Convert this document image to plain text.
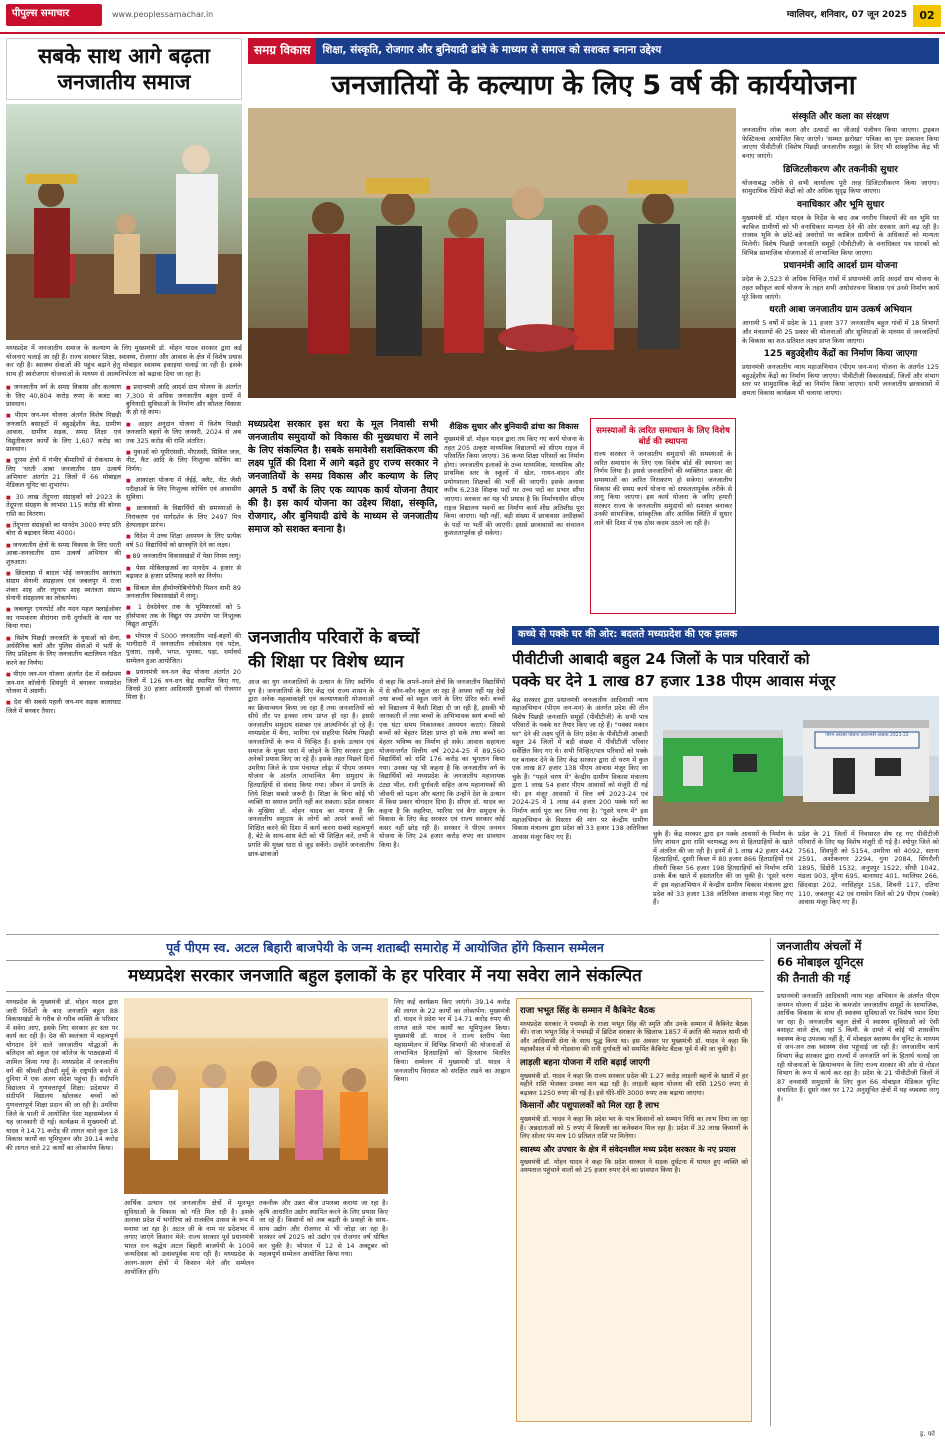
पीपुल्स समाचार	www.peoplessamachar.in	ग्वालियर, शनिवार, 07 जून 2025	02
सबके साथ आगे बढ़ता
जनजातीय समाज
मध्यप्रदेश में जनजातीय समाज के कल्याण के लिए मुख्यमंत्री डॉ. मोहन यादव सरकार द्वारा कई योजनाएं चलाई जा रही हैं। राज्य सरकार शिक्षा, स्वास्थ्य, रोजगार और आवास के क्षेत्र में विशेष प्रयास कर रही है। स्वास्थ्य सेवाओं की पहुंच बढ़ाने हेतु मोबाइल स्वास्थ्य इकाइयां चलाई जा रही हैं। इसके साथ ही स्वरोजगार योजनाओं के माध्यम से आत्मनिर्भरता को बढ़ावा दिया जा रहा है।
■ जनजातीय वर्ग के समग्र विकास और कल्याण के लिए 40,804 करोड़ रुपए के बजट का प्रावधान।
■ पीएम जन-मन योजना अंतर्गत विशेष पिछड़ी जनजाति बसाहटों में बहुउद्देशीय केंद्र, ग्रामीण आवास, ग्रामीण सड़क, समग्र शिक्षा एवं विद्युतीकरण कार्यों के लिए 1,607 करोड़ का प्रावधान।
■ दूरस्थ क्षेत्रों में गंभीर बीमारियों से रोकथाम के लिए 'धरती आबा जनजातीय ग्राम उत्कर्ष अभियान' अंतर्गत 21 जिलों में 66 मोबाइल मेडिकल यूनिट का शुभारंभ।
■ 30 लाख तेंदूपत्ता संग्राहकों को 2023 के तेंदूपत्ता संग्रहण के लाभांश 115 करोड़ की बोनस राशि का वितरण।
■ तेंदूपत्ता संग्राहकों का मानदेय 3000 रुपए प्रति बोरा से बढ़ाकर किया 4000।
■ जनजातीय क्षेत्रों के समग्र विकास के लिए धरती आबा-जनजातीय ग्राम उत्कर्ष अभियान की शुरुआत।
■ छिंदवाड़ा में बादल भोई जनजातीय स्वतंत्रता संग्राम सेनानी संग्रहालय एवं जबलपुर में राजा शंकर शाह और रघुनाथ शाह स्वतंत्रता संग्राम सेनानी संग्रहालय का लोकार्पण।
■ जबलपुर एयरपोर्ट और मदन महल फ्लाईओवर का नामकरण वीरांगना रानी दुर्गावती के नाम पर किया गया।
■ विशेष पिछड़ी जनजाति के युवाओं को सेना, अर्धसैनिक बलों और पुलिस सेवाओं में भर्ती के लिए प्रशिक्षण के लिए जनजातीय बटालियन गठित करने का निर्णय।
■ पीएम जन-मन योजना अंतर्गत देश में सर्वप्रथम जन-मन कॉलोनी शिवपुरी में बनाकर मध्यप्रदेश योजना में अग्रणी।
■ देश की सबसे पहली जन-मन सड़क बालाघाट जिले में बनकर तैयार।
■ प्रधानमंत्री आदि आदर्श ग्राम योजना के अंतर्गत 7,300 से अधिक जनजातीय बहुल ग्रामों में बुनियादी सुविधाओं के निर्माण और कौशल विकास के हो रहे काम।
■ आहार अनुदान योजना में विशेष पिछड़ी जनजाति बहनों के लिए जनवरी, 2024 से अब तक 325 करोड़ की राशि अंतरित।
■ युवाओं को यूपीएससी, पीएससी, सिविल जज, नीट, कैट आदि के लिए निःशुल्क कोचिंग का निर्णय।
■ आकांक्षा योजना में जेईई, क्लैट, नीट जैसी परीक्षाओं के लिए निःशुल्क कोचिंग एवं आवासीय सुविधा।
■ छात्रावासों के विद्यार्थियों की समस्याओं के निराकरण एवं मार्गदर्शन के लिए 2497 मित्र हेल्पलाइन प्रारंभ।
■ विदेश में उच्च शिक्षा अध्ययन के लिए प्रत्येक वर्ष 50 विद्यार्थियों को छात्रवृत्ति देने का लक्ष्य।
■ 89 जनजातीय विकासखंडों में पेसा नियम लागू।
■ पेसा मोबिलाइजर्स का मानदेय 4 हजार से बढ़ाकर 8 हजार प्रतिमाह करने का निर्णय।
■ सिकल सेल हीमोग्लोबिनोपैथी मिशन सभी 89 जनजातीय विकासखंडों में लागू।
■ 1 देवदेवेचर तक के भूमिकारकों को 5 हॉर्सपावर तक के विद्युत पंप उपयोग पर निःशुल्क विद्युत आपूर्ति।
■ भोपाल में 5000 जनजातीय भाई-बहनों की भागीदारी में जनजातीय लोकोत्सव एवं पटेल, पुजारा, तड़वी, भगत, भूमका, पड़ा, धर्मावर्थ सम्मेलन हुआ आयोजित।
■ प्रधानमंत्री वन-धन केंद्र योजना अंतर्गत 20 जिलों में 126 वन-धन केंद्र स्थापित किए गए, जिनसे 30 हजार आदिवासी युवाओं को रोजगार मिला है।
समग्र विकास	शिक्षा, संस्कृति, रोजगार और बुनियादी ढांचे के माध्यम से समाज को सशक्त बनाना उद्देश्य
जनजातियों के कल्याण के लिए 5 वर्ष की कार्ययोजना
संस्कृति और कला का संरक्षण
जनजातीय लोक कला और उत्पादों का जीआई पंजीयन किया जाएगा। ट्राइबल फेस्टिवल्स आयोजित किए जाएंगे। 'सम्मत झरोखा' पत्रिका का पुनः प्रकाशन किया जाएगा पीवीटीजी (विशेष पिछड़ी जनजातीय समूह) के लिए भी सांस्कृतिक केंद्र भी बनाए जाएंगे।
डिजिटलीकरण और तकनीकी सुधार
योजनाबद्ध तरीके से सभी कार्यालय पूरी तरह डिजिटलीकरण किया जाएगा। सामुदायिक रेडियो केंद्रों को और अधिक सुदृढ़ किया जाएगा।
वनाधिकार और भूमि सुधार
मुख्यमंत्री डॉ. मोहन यादव के निर्देश के बाद अब नगरीय निकायों की वन भूमि पर काबिज ग्रामीणों को भी वनाधिकार मान्यता देने की ओर सरकार आगे बढ़ रही है। राजस्व भूमि के छोटे-बड़े अवरोधों पर काबिज ग्रामीणों के अधिकारों को मान्यता मिलेगी। विशेष पिछड़ी जनजाति समूहों (पीवीटीजी) के वनाधिकार पत्र धारकों को विभिन्न सामाजिक योजनाओं से लाभान्वित किया जाएगा।
प्रधानमंत्री आदि आदर्श ग्राम योजना
प्रदेश के 2,523 से अधिक चिन्हित गांवों में प्रधानमंत्री आदि आदर्श ग्राम योजना के तहत स्वीकृत कार्य योजना के तहत सभी अधोसंरचना विकास एवं उनसे निर्माण कार्य पूरे किया जाएंगे।
धरती आबा जनजातीय ग्राम उत्कर्ष अभियान
आगामी 5 वर्षों में प्रदेश के 11 हजार 377 जनजातीय बहुल गांवों में 18 विभागों और मंत्रालयों की 25 प्रकार की योजनाओं और सुविधाओं के माध्यम से जनजातियों के विकास का शत-प्रतिशत लक्ष्य प्राप्त किया जाएगा।
125 बहुउद्देशीय केंद्रों का निर्माण किया जाएगा
प्रधानमंत्री जनजातीय न्याय महाअभियान (पीएम जन-मन) योजना के अंतर्गत 125 बहुउद्देशीय केंद्रों का निर्माण किया जाएगा। पीवीटीजी विकासखंडों, जिलों और संभाग स्तर पर सामुदायिक केंद्रों का निर्माण किया जाएगा। सभी जनजातीय छात्रावासों में क्षमता विकास कार्यक्रम भी चलाया जाएगा।
मध्यप्रदेश सरकार इस धरा के मूल निवासी सभी जनजातीय समुदायों को विकास की मुख्यधारा में लाने के लिए संकल्पित है। सबके समावेशी सशक्तिकरण की लक्ष्य पूर्ति की दिशा में आगे बढ़ते हुए राज्य सरकार ने जनजातियों के समग्र विकास और कल्याण के लिए अगले 5 वर्षों के लिए एक व्यापक कार्य योजना तैयार की है। इस कार्य योजना का उद्देश्य शिक्षा, संस्कृति, रोजगार, और बुनियादी ढांचे के माध्यम से जनजातीय समाज को सशक्त बनाना है।
शैक्षिक सुधार और बुनियादी ढांचा का विकास
मुख्यमंत्री डॉ. मोहन यादव द्वारा तय किए गए कार्य योजना के तहत 205 उत्कृष्ट माध्यमिक विद्यालयों को सीएम राइज में परिवर्तित किया जाएगा। 36 कन्या शिक्षा परिसरों का निर्माण होगा। जनजातीय इलाकों के उच्च माध्यमिक, माध्यमिक और प्राथमिक स्तर के स्कूलों में खेल, गायन-वादन और प्रयोगशाला शिक्षकों की भर्ती की जाएगी। इसके अलावा करीब 6,238 शिक्षक पदों पर उच्च पदों का प्रभार सौंपा जाएगा। सरकार का यह भी प्रयास है कि निर्माणाधीन सीएम राइज विद्यालय भवनों का निर्माण कार्य शीघ्र अतिशीघ्र पूरा किया जाएगा। यही नहीं, बड़ी संख्या में छात्रावास अधीक्षकों के पदों पर भर्ती की जाएगी। इससे छात्रावासों का संचालन कुशलतापूर्वक हो सकेगा।
समस्याओं के त्वरित समाधान के लिए विशेष बोर्ड की स्थापना
राज्य सरकार ने जनजातीय समुदायों की समस्याओं के त्वरित समाधान के लिए एक विशेष बोर्ड की स्थापना का निर्णय लिया है। इससे जनजातियों की व्यक्तिगत प्रकार की समस्याओं का त्वरित निराकरण हो सकेगा। जनजातीय विकास की समग्र कार्य योजना को सफलतापूर्वक तरीके से लागू किया जाएगा। इस कार्य योजना के जरिए हमारी सरकार राज्य के जनजातीय समुदायों को सशक्त बनाकर उनकी सामाजिक, सांस्कृतिक और आर्थिक स्थिति में सुधार लाने की दिशा में एक ठोस कदम उठाने जा रही है।
जनजातीय परिवारों के बच्चों
की शिक्षा पर विशेष ध्यान
आज का युग जनजातियों के उत्थान के लिए स्वर्णिम युग है। जनजातियों के लिए केंद्र एवं राज्य शासन के द्वारा अनेक महत्वाकांक्षी एवं कल्याणकारी योजनाओं का क्रियान्वयन किया जा रहा है तथा जनजातियों को सीधे तौर पर इनका लाभ प्राप्त हो रहा है। इससे जनजातीय समुदाय सशक्त एवं आत्मनिर्भर हो रहे हैं। मध्यप्रदेश में बैगा, भारिया एवं सहरिया विशेष पिछड़ी जनजातियों के रूप में चिन्हित हैं। इनके उत्थान एवं समाज के मुख्य धारा में जोड़ने के लिए सरकार द्वारा अनेकों प्रयास किए जा रहे हैं। इसके तहत पिछले दिनों उमरिया जिले के ग्राम पंचायत लोढ़ा में पीएम जनमन योजना के अंतर्गत लाभान्वित बैगा समुदाय के हितग्राहियों से संवाद किया गया। जीवन में प्रगति के लिये शिक्षा सबसे जरूरी है। शिक्षा के बिना कोई भी व्यक्ति या समाज प्रगति नहीं कर सकता। प्रदेश सरकार के मुखिया डॉ. मोहन यादव का मानना है कि जनजातीय समुदाय के लोगों को अपने बच्चों को शिक्षित करने की दिशा में कार्य करना सबसे महत्वपूर्ण है, बेटे के साथ-साथ बेटी को भी शिक्षित करें, तभी वे प्रगति की मुख्य धारा से जुड़ सकेंगे। उन्होंने जनजातीय छात्र-छात्राओं
से कहा कि अपने-अपने क्षेत्रों कि जनजातीय विद्यार्थियों में से कौन-कौन स्कूल जा रहा है अथवा नहीं यह देखें तथा बच्चों को स्कूल जाने के लिए प्रेरित करें। बच्चों को विद्यालय में कैसी शिक्षा दी जा रही है, इसकी भी जानकारी लें तथा बच्चों के अभिभावक स्वयं बच्चों को एक घंटा समय निकालकर अध्ययन कराएं। जिससे बच्चों को बेहतर शिक्षा प्राप्त हो सके तथा बच्चों का बेहतर भविष्य का निर्माण हो सके। आवास सहायता योजनान्तर्गत वित्तीय वर्ष 2024-25 में 89,560 विद्यार्थियों को राशि 176 करोड़ का भुगतान किया गया। उनका यह भी कहना है कि जनजातीय वर्ग के विद्यार्थियों को मध्यप्रदेश के जनजातीय महानायक टंट्या भील, रानी दुर्गावती सहित अन्य महानायकों की जीवनी को पढ़ना और बताएं कि उन्होंने देश के उत्थान में किस प्रकार योगदान दिया है। सीएम डॉ. यादव का कहना है कि सहरिया, भारिया एवं बैगा समुदाय के विकास के लिए केंद्र सरकार एवं राज्य सरकार कोई कसर नहीं छोड़ रही है। सरकार ने पीएम जनमन योजना के लिए 24 हजार करोड़ रुपए का प्रावधान किया है।
कच्चे से पक्के घर की ओर: बदलते मध्यप्रदेश की एक झलक
पीवीटीजी आबादी बहुल 24 जिलों के पात्र परिवारों को
पक्के घर देने 1 लाख 87 हजार 138 पीएम आवास मंजूर
केंद्र सरकार द्वारा प्रधानमंत्री जनजातीय आदिवासी न्याय महाअभियान (पीएम जन-मन) के अंतर्गत प्रदेश की तीन विशेष पिछड़ी जनजाति समूहों (पीवीटीजी) के सभी पात्र परिवारों के पक्के घर तैयार किए जा रहे हैं। "पक्का मकान घर" देने की लक्ष्य पूर्ति के लिए प्रदेश के पीवीटीजी आबादी बहुल 24 जिलों में बड़ी संख्या में पीवीटीजी परिवार सर्वेक्षित किए गए थे। सभी चिन्हित/पात्र परिवारों को पक्के घर बनाकर देने के लिए केंद्र सरकार द्वारा दो चरण में कुल एक लाख 87 हजार 138 पीएम आवास मंजूर किए जा चुके हैं। "पहले चरण में" केन्द्रीय ग्रामीण विकास मंत्रालय द्वारा 1 लाख 54 हजार पीएम आवासों को मंजूरी दी गई थी। इन मंजूर आवासों में वित्त वर्ष 2023-24 एवं 2024-25 में 1 लाख 44 हजार 200 पक्के घरों का निर्माण कार्य पूरा कर लिया गया है। "दूसरे चरण में" इस महाअभियान के विस्तार की मांग पर केन्द्रीय ग्रामीण विकास मंत्रालय द्वारा प्रदेश को 33 हजार 138 अतिरिक्त आवास मंजूर किए गए हैं।
पीएम आवास योजना प्रधानमंत्री आवास 2021-22
चुके हैं। केंद्र सरकार द्वारा इन पक्के आवासों के निर्माण के लिए शासन द्वारा राशि चरणबद्ध रूप से हितग्राहियों के खाते में अंतरित की जा रही है। इनमें से 1 लाख 42 हजार 442 हितग्राहियों, दूसरी किस्त में 80 हजार 866 हितग्राहियों एवं तीसरी किस्त 56 हजार 198 हितग्राहियों को निर्माण राशि उनके बैंक खाते में हस्तांतरित की जा चुकी है। 'दूसरे चरण में' इस महाअभियान में केन्द्रीय ग्रामीण विकास मंत्रालय द्वारा प्रदेश को 33 हजार 138 अतिरिक्त आवास मंजूर किए गए हैं।
प्रदेश के 21 जिलों में निवासरत शेष रह गए पीवीटीजी परिवारों के लिए यह विशेष मंजूरी दी गई है। श्योपुर जिले को 7561, शिवपुरी को 5154, उमरिया को 4092, सतना 2591, अशोकनगर 2294, गुना 2084, सिंगरौली 1895, डिंडोरी 1532, अनूपपुर 1522, सीधी 1042, मंडला 903, मुरैना 695, बालाघाट 401, ग्वालियर 266, छिंदवाड़ा 202, नरसिंहपुर 158, शिवनी 117, दतिया 110, जबलपुर 42 एवं रायसेन जिले को 29 पीएम (पक्के) आवास मंजूर किए गए हैं।
पूर्व पीएम स्व. अटल बिहारी बाजपेयी के जन्म शताब्दी समारोह में आयोजित होंगे किसान सम्मेलन
मध्यप्रदेश सरकार जनजाति बहुल इलाकों के हर परिवार में नया सवेरा लाने संकल्पित
मध्यप्रदेश के मुख्यमंत्री डॉ. मोहन यादव द्वारा जारी निर्देशों के बाद जनजाति बहुल 88 विकासखंडों के गरीब से गरीब व्यक्ति के परिवार में सवेरा आए, इसके लिए सरकार हर स्तर पर कार्य कर रही है। देश की स्वतंत्रता में महत्वपूर्ण योगदान देने वाले जनजातीय योद्धाओं के बलिदान को स्कूल एवं कॉलेज के पाठ्यक्रमों में शामिल किया गया है। मध्यप्रदेश में जनजातीय वर्ग की श्रीमती द्रौपदी मुर्मू के राष्ट्रपति बनने से दुनिया में एक अलग संदेश पहुंचा है। संदीपनि विद्यालय में गुणवत्तापूर्ण शिक्षा: प्रदेशभर में संदीपनि विद्यालय खोलकर बच्चों को गुणवत्तापूर्ण शिक्षा प्रदान की जा रही है। उमरिया जिले के पाली में आयोजित पेसा महासम्मेलन में यह जानकारी दी गई। कार्यक्रम में मुख्यमंत्री डॉ. यादव ने 14.71 करोड़ की लागत वाले कुल 18 विकास कार्यों का भूमिपूजन और 39.14 करोड़ की लागत वाले 22 कार्यों का लोकार्पण किया।
आर्थिक उत्थान एवं जनजातीय क्षेत्रों में मूलभूत सुविधाओं के विकास को गति मिल रही है। इसके अलावा प्रदेश में भगोरिया को राजकीय उत्सव के रूप में मनाया जा रहा है। अटल जी के नाम पर प्रदेशभर में लगाए जाएंगे किसान मेले: राज्य सरकार पूर्व प्रधानमंत्री भारत रत्न श्रद्धेय अटल बिहारी बाजपेयी के 100वें जन्मदिवस को उत्सवपूर्वक मना रही है। मध्यप्रदेश के अलग-अलग क्षेत्रों में किसान मेले और सम्मेलन आयोजित होंगे।
तकनीक और उन्नत बीज उपलब्ध कराया जा रहा है। कृषि आधारित उद्योग स्थापित करने के लिए प्रयास किए जा रहे हैं। किसानों को अब बढ़ती के प्रवाहों के साथ-साथ उद्योग और रोजगार से भी जोड़ा जा रहा है। सरकार वर्ष 2025 को उद्योग एवं रोजगार वर्ष घोषित कर चुकी है। भोपाल में 12 से 14 अक्टूबर को महत्वपूर्ण सम्मेलन आयोजित किया गया।
लिए कई कार्यक्रम किए जाएंगे। 39.14 करोड़ की लागत के 22 कार्यों का लोकार्पण: मुख्यमंत्री डॉ. यादव ने प्रदेश भर में 14.71 करोड़ रुपए की लागत वाले पांच कार्यों का भूमिपूजन किया। मुख्यमंत्री डॉ. यादव ने राज्य स्तरीय पेसा महासम्मेलन में विभिन्न विभागों की योजनाओं से लाभान्वित हितग्राहियों को हितलाभ वितरित किया। सम्मेलन में मुख्यमंत्री डॉ. यादव ने जनजातीय विरासत को संरक्षित रखने का आह्वान किया।
राजा भभूत सिंह के सम्मान में कैबिनेट बैठक
मध्यप्रदेश सरकार ने पचमढ़ी के राजा भभूत सिंह की स्मृति और उनके सम्मान में कैबिनेट बैठक की। राजा भभूत सिंह ने पचमढ़ी में ब्रिटिश सरकार के खिलाफ 1857 में क्रांति की मशाल थामी थी और आदिवासी सेना के साथ युद्ध किया था। इस अवसर पर मुख्यमंत्री डॉ. यादव ने कहा कि महाकौशल में भी गोंडवाना की रानी दुर्गावती को समर्पित कैबिनेट बैठक पूर्व में की जा चुकी है।
लाड़ली बहना योजना में राशि बढ़ाई जाएगी
मुख्यमंत्री डॉ. यादव ने कहा कि राज्य सरकार प्रदेश की 1.27 करोड़ लाड़ली बहनों के खातों में हर महीने राशि भेजकर उनका मान बढ़ा रही है। लाड़ली बहना योजना की राशि 1250 रुपए से बढ़ाकर 1250 रुपए की गई है। इसे धीरे-धीरे 3000 रुपए तक बढ़ाया जाएगा।
किसानों और पशुपालकों को मिल रहा है लाभ
मुख्यमंत्री डॉ. यादव ने कहा कि प्रदेश भर के पात्र किसानों को सम्मान निधि का लाभ दिया जा रहा है। अन्नदाताओं को 5 रुपए में बिजली का कनेक्शन मिल रहा है। प्रदेश में 32 लाख किसानों के लिए सोलर पंप मात्र 10 प्रतिशत राशि पर मिलेगा।
स्वास्थ्य और उपचार के क्षेत्र में संवेदनशील मध्य प्रदेश सरकार के नए प्रयास
मुख्यमंत्री डॉ. मोहन यादव ने कहा कि प्रदेश सरकार ने सड़क दुर्घटना में घायल हुए व्यक्ति को अस्पताल पहुंचाने वालों को 25 हजार रुपए देने का प्रावधान किया है।
जनजातीय अंचलों में
66 मोबाइल यूनिट्स
की तैनाती की गई
प्रधानमंत्री जनजाति आदिवासी न्याय महा अभियान के अंतर्गत पीएम जनमन योजना में प्रदेश के कमजोर जनजातीय समूहों के सामाजिक, आर्थिक विकास के साथ ही स्वास्थ्य सुविधाओं पर विशेष ध्यान दिया जा रहा है। जनजातीय बहुल क्षेत्रों में स्वास्थ्य सुविधाओं को ऐसी बसाहट वाले क्षेत्र, जहां 5 किमी. के दायरे में कोई भी शासकीय स्वास्थ्य केन्द्र उपलब्ध नहीं है, में मोबाइल स्वास्थ्य वैन यूनिट के माध्यम से जन-जन तक स्वास्थ्य सेवा पहुंचाई जा रही है। जनजातीय कार्य विभाग केंद्र सरकार द्वारा राज्यों में जनजाति वर्ग के हितार्थ चलाई जा रही योजनाओं के क्रियान्वयन के लिए राज्य सरकार की ओर से नोडल विभाग के रूप में कार्य कर रहा है। प्रदेश के 21 पीवीटीजी जिलों में 87 वनवासी समुदायों के लिए कुल 66 मोबाइल मेडिकल यूनिट संचालित हैं। दूसरे नंबर पर 172 अनुसूचित क्षेत्रों में यह व्यवस्था लागू है।
इ. फो
